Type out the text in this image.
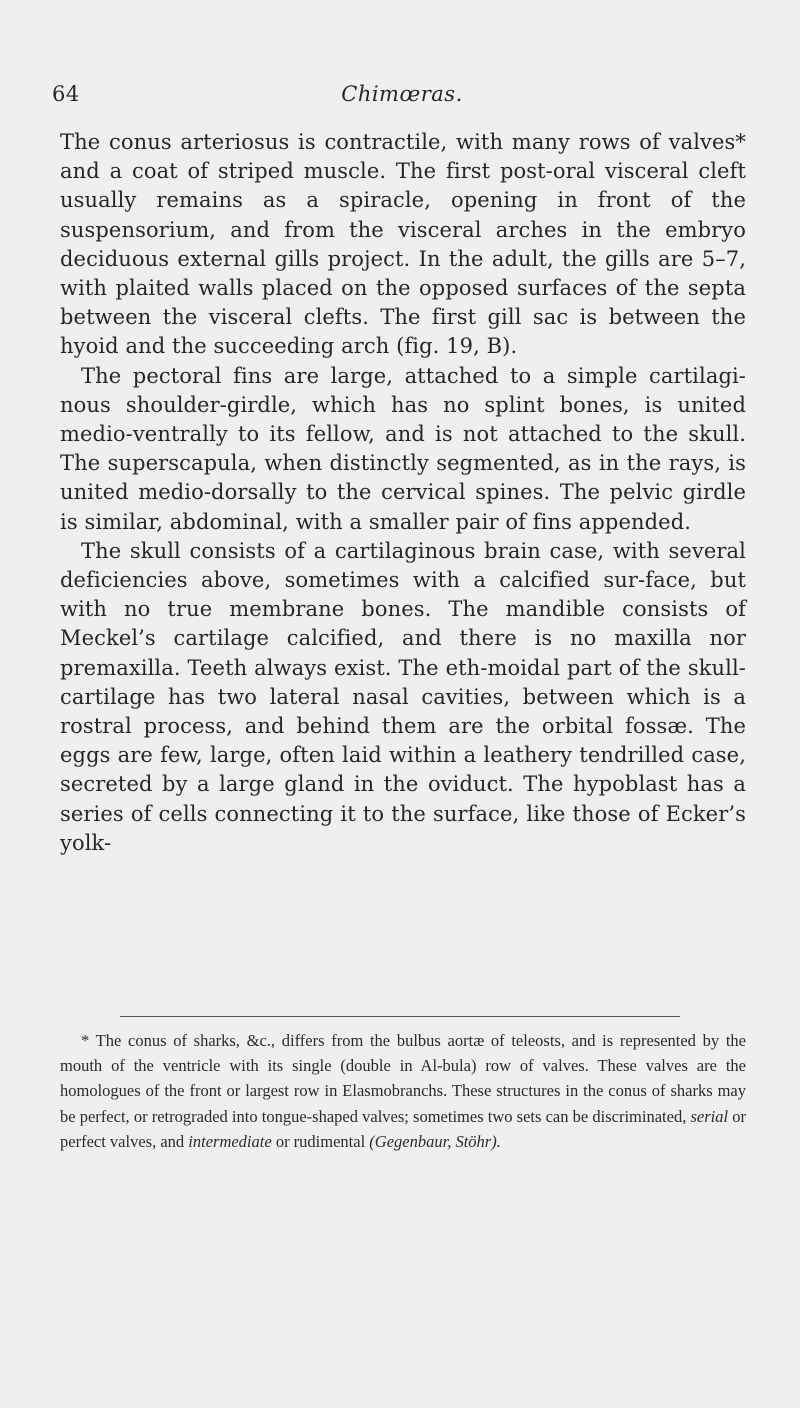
64	Chimœras.

The conus arteriosus is contractile, with many rows of valves* and a coat of striped muscle. The first post-oral visceral cleft usually remains as a spiracle, opening in front of the suspensorium, and from the visceral arches in the embryo deciduous external gills project. In the adult, the gills are 5–7, with plaited walls placed on the opposed surfaces of the septa between the visceral clefts. The first gill sac is between the hyoid and the succeeding arch (fig. 19, B).

The pectoral fins are large, attached to a simple cartilagi-nous shoulder-girdle, which has no splint bones, is united medio-ventrally to its fellow, and is not attached to the skull. The superscapula, when distinctly segmented, as in the rays, is united medio-dorsally to the cervical spines. The pelvic girdle is similar, abdominal, with a smaller pair of fins appended.

The skull consists of a cartilaginous brain case, with several deficiencies above, sometimes with a calcified sur-face, but with no true membrane bones. The mandible consists of Meckel’s cartilage calcified, and there is no maxilla nor premaxilla. Teeth always exist. The eth-moidal part of the skull-cartilage has two lateral nasal cavities, between which is a rostral process, and behind them are the orbital fossæ. The eggs are few, large, often laid within a leathery tendrilled case, secreted by a large gland in the oviduct. The hypoblast has a series of cells connecting it to the surface, like those of Ecker’s yolk-

* The conus of sharks, &c., differs from the bulbus aortæ of teleosts, and is represented by the mouth of the ventricle with its single (double in Al-bula) row of valves. These valves are the homologues of the front or largest row in Elasmobranchs. These structures in the conus of sharks may be perfect, or retrograded into tongue-shaped valves; sometimes two sets can be discriminated, serial or perfect valves, and intermediate or rudimental (Gegenbaur, Stöhr).
